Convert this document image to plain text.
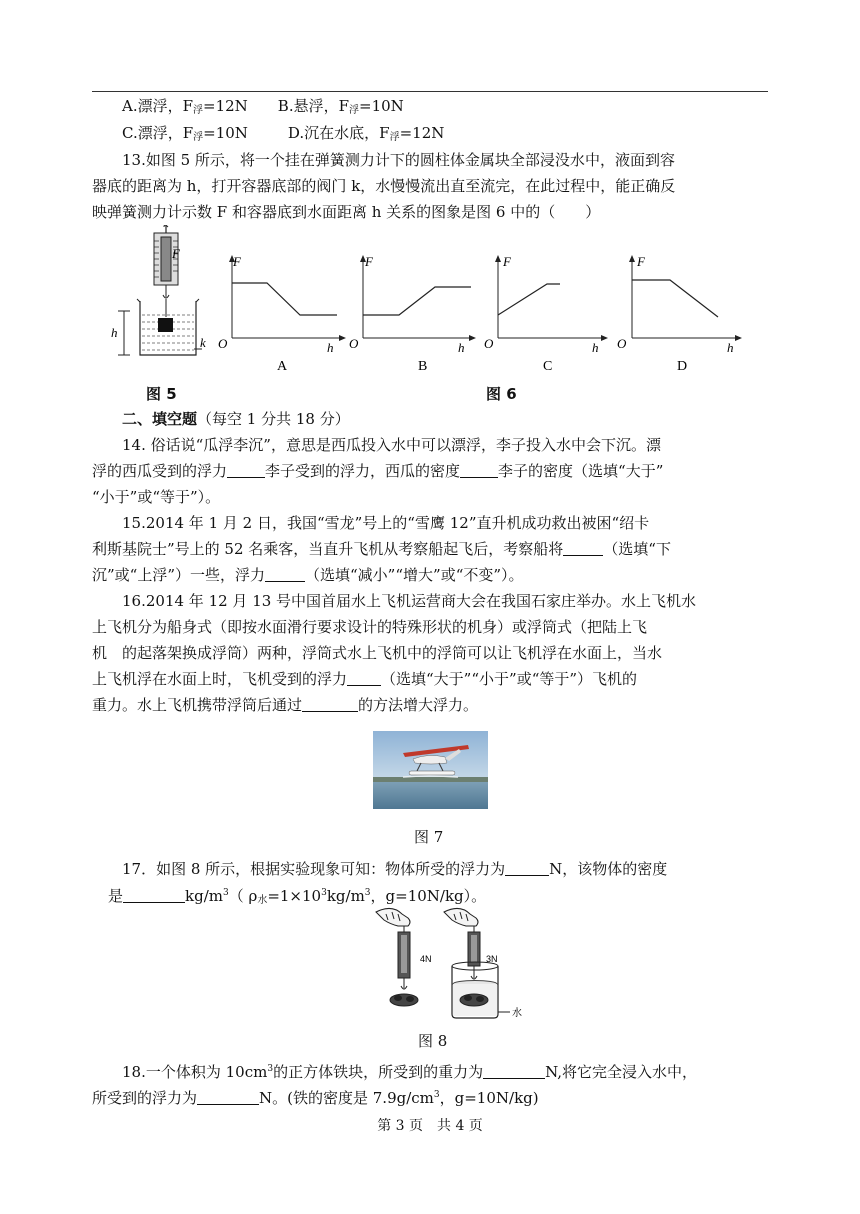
A.漂浮，$F_浮=12N$ B.悬浮，$F_浮=10N$
C.漂浮，$F_浮=10N$	D.沉在水底，$F_浮=12N$
13.如图 5 所示，将一个挂在弹簧测力计下的圆柱体金属块全部浸没水中，液面到容
器底的距离为 h，打开容器底部的阀门 k，水慢慢流出直至流完，在此过程中，能正确反
映弹簧测力计示数 F 和容器底到水面距离 h 关系的图象是图 6 中的（　　）
F
h
k
F
O	h
A
F
O	h
B
F
O	h
C
F
O	h
D
图 5	图 6
二、填空题（每空 1 分共 18 分）
14. 俗话说“瓜浮李沉”，意思是西瓜投入水中可以漂浮，李子投入水中会下沉。漂
浮的西瓜受到的浮力	李子受到的浮力，西瓜的密度	李子的密度（选填“大于”
“小于”或“等于”）。
15.2014 年 1 月 2 日，我国“雪龙”号上的“雪鹰 12”直升机成功救出被困“绍卡
利斯基院士”号上的 52 名乘客，当直升飞机从考察船起飞后，考察船将	（选填“下
沉”或“上浮”）一些，浮力	（选填“减小”“增大”或“不变”）。
16.2014 年 12 月 13 号中国首届水上飞机运营商大会在我国石家庄举办。水上飞机水
上飞机分为船身式（即按水面滑行要求设计的特殊形状的机身）或浮筒式（把陆上飞
机　的起落架换成浮筒）两种，浮筒式水上飞机中的浮筒可以让飞机浮在水面上，当水
上飞机浮在水面上时，飞机受到的浮力 （选填“大于”“小于”或“等于”）飞机的
重力。水上飞机携带浮筒后通过	的方法增大浮力。
图 7
17．如图 8 所示，根据实验现象可知：物体所受的浮力为	N，该物体的密度
是	$kg/m^3$（ $\rho_水=1\times 10^3kg/m^3$，g=10N/kg）。
4N	3N
水
图 8
18.一个体积为 $10cm^3$的正方体铁块，所受到的重力为	N,将它完全浸入水中，
所受到的浮力为	N。(铁的密度是 $7.9g/cm^3$，g=10N/kg)
第 3 页　共 4 页
